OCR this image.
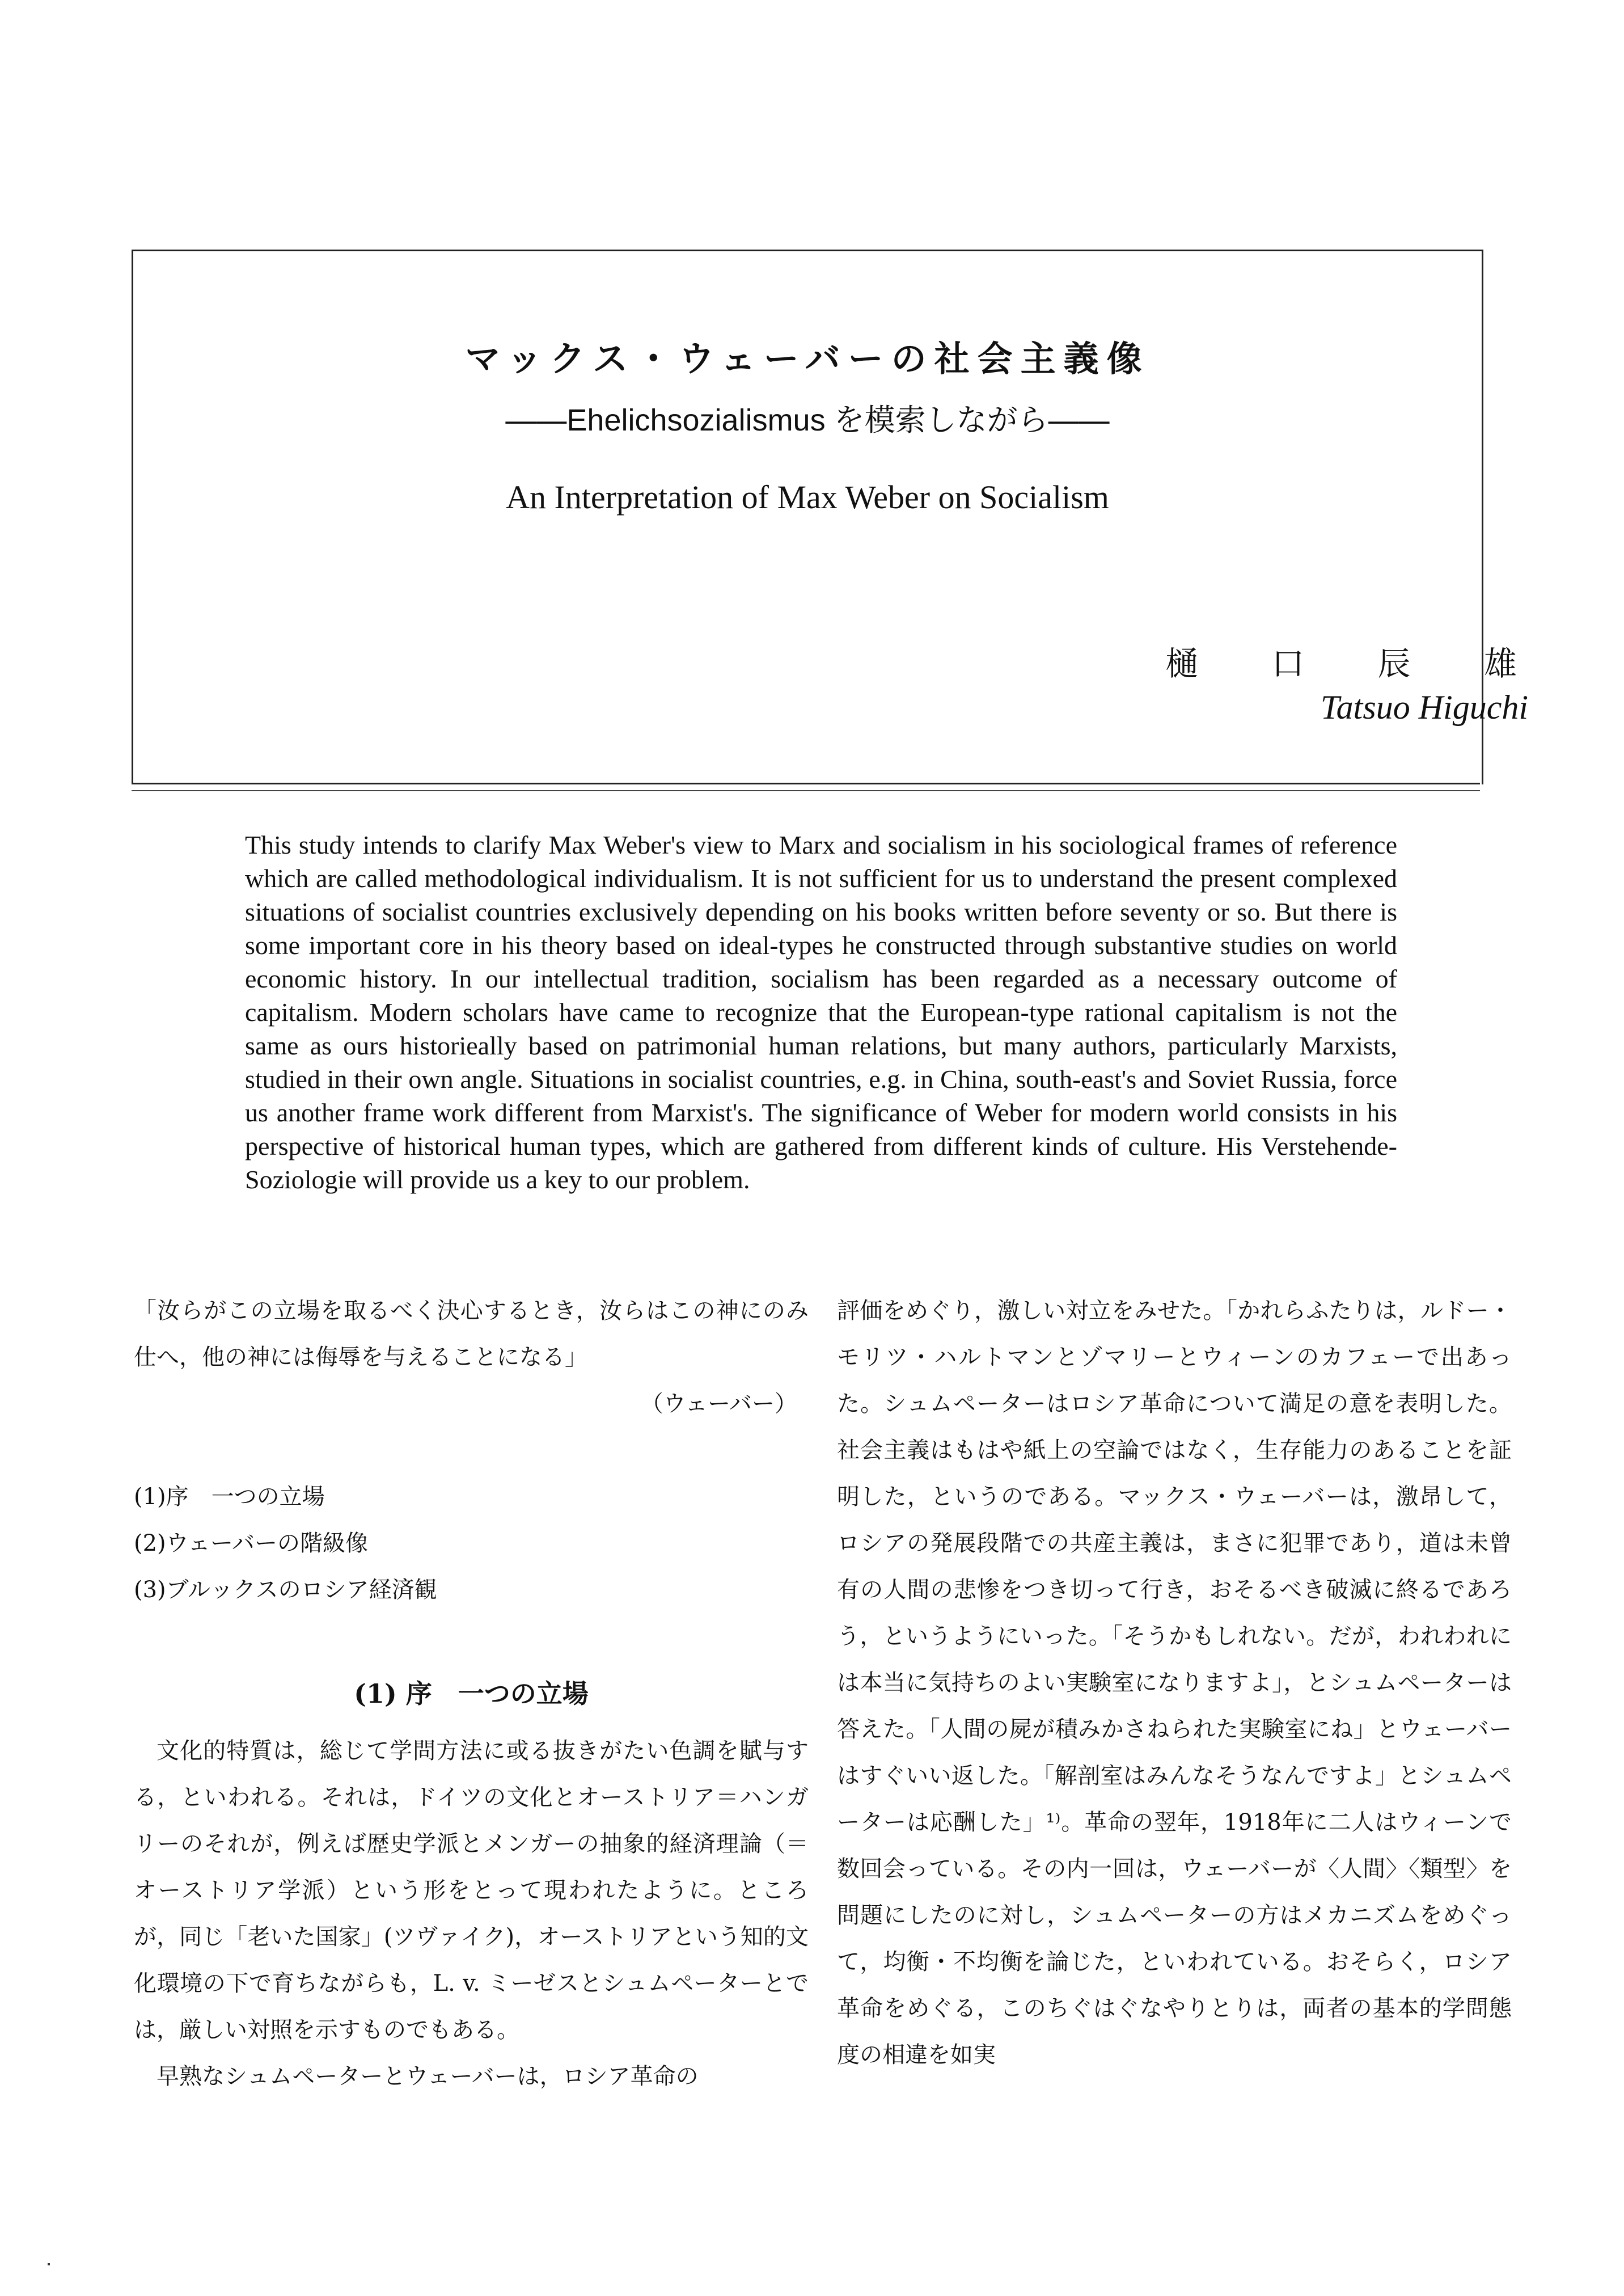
マックス・ウェーバーの社会主義像
——Ehelichsozialismus を模索しながら——
An Interpretation of Max Weber on Socialism
樋 口 辰 雄
Tatsuo Higuchi

This study intends to clarify Max Weber's view to Marx and socialism in his sociological frames of reference which are called methodological individualism. It is not sufficient for us to understand the present complexed situations of socialist countries exclusively depending on his books written before seventy or so. But there is some important core in his theory based on ideal-types he constructed through substantive studies on world economic history. In our intellectual tradition, socialism has been regarded as a necessary outcome of capitalism. Modern scholars have came to recognize that the European-type rational capitalism is not the same as ours historieally based on patrimonial human relations, but many authors, particularly Marxists, studied in their own angle. Situations in socialist countries, e.g. in China, south-east's and Soviet Russia, force us another frame work different from Marxist's. The significance of Weber for modern world consists in his perspective of historical human types, which are gathered from different kinds of culture. His Verstehende-Soziologie will provide us a key to our problem.

「汝らがこの立場を取るべく決心するとき，汝らはこの神にのみ仕へ，他の神には侮辱を与えることになる」

（ウェーバー）

(1)序　一つの立場
(2)ウェーバーの階級像
(3)ブルックスのロシア経済観

(1) 序　一つの立場

文化的特質は，総じて学問方法に或る抜きがたい色調を賦与する，といわれる。それは，ドイツの文化とオーストリア＝ハンガリーのそれが，例えば歴史学派とメンガーの抽象的経済理論（＝オーストリア学派）という形をとって現われたように。ところが，同じ「老いた国家」(ツヴァイク)，オーストリアという知的文化環境の下で育ちながらも，L. v. ミーゼスとシュムペーターとでは，厳しい対照を示すものでもある。

早熟なシュムペーターとウェーバーは，ロシア革命の

評価をめぐり，激しい対立をみせた。「かれらふたりは，ルドー・モリツ・ハルトマンとゾマリーとウィーンのカフェーで出あった。シュムペーターはロシア革命について満足の意を表明した。社会主義はもはや紙上の空論ではなく，生存能力のあることを証明した，というのである。マックス・ウェーバーは，激昂して，ロシアの発展段階での共産主義は，まさに犯罪であり，道は未曾有の人間の悲惨をつき切って行き，おそるべき破滅に終るであろう，というようにいった。「そうかもしれない。だが，われわれには本当に気持ちのよい実験室になりますよ」，とシュムペーターは答えた。「人間の屍が積みかさねられた実験室にね」とウェーバーはすぐいい返した。「解剖室はみんなそうなんですよ」とシュムペーターは応酬した」¹⁾。革命の翌年，1918年に二人はウィーンで数回会っている。その内一回は，ウェーバーが〈人間〉〈類型〉を問題にしたのに対し，シュムペーターの方はメカニズムをめぐって，均衡・不均衡を論じた，といわれている。おそらく，ロシア革命をめぐる，このちぐはぐなやりとりは，両者の基本的学問態度の相違を如実
